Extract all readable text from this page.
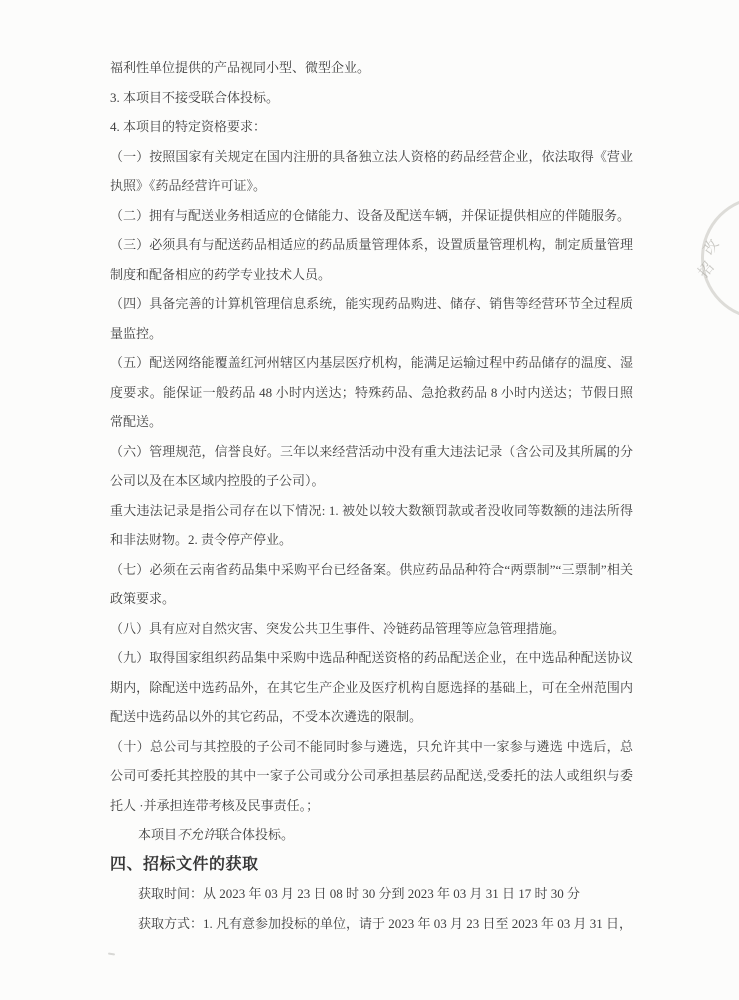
福利性单位提供的产品视同小型、微型企业。

3. 本项目不接受联合体投标。

4. 本项目的特定资格要求：

（一）按照国家有关规定在国内注册的具备独立法人资格的药品经营企业，依法取得《营业执照》《药品经营许可证》。

（二）拥有与配送业务相适应的仓储能力、设备及配送车辆，并保证提供相应的伴随服务。

（三）必须具有与配送药品相适应的药品质量管理体系，设置质量管理机构，制定质量管理制度和配备相应的药学专业技术人员。

（四）具备完善的计算机管理信息系统，能实现药品购进、储存、销售等经营环节全过程质量监控。

（五）配送网络能覆盖红河州辖区内基层医疗机构，能满足运输过程中药品储存的温度、湿度要求。能保证一般药品 48 小时内送达；特殊药品、急抢救药品 8 小时内送达；节假日照常配送。

（六）管理规范，信誉良好。三年以来经营活动中没有重大违法记录（含公司及其所属的分公司以及在本区域内控股的子公司）。

重大违法记录是指公司存在以下情况: 1. 被处以较大数额罚款或者没收同等数额的违法所得和非法财物。2. 责令停产停业。

（七）必须在云南省药品集中采购平台已经备案。供应药品品种符合“两票制”“三票制”相关政策要求。

（八）具有应对自然灾害、突发公共卫生事件、冷链药品管理等应急管理措施。

（九）取得国家组织药品集中采购中选品种配送资格的药品配送企业，在中选品种配送协议期内，除配送中选药品外，在其它生产企业及医疗机构自愿选择的基础上，可在全州范围内配送中选药品以外的其它药品，不受本次遴选的限制。

（十）总公司与其控股的子公司不能同时参与遴选，只允许其中一家参与遴选 中选后，总公司可委托其控股的其中一家子公司或分公司承担基层药品配送,受委托的法人或组织与委托人 ·并承担连带考核及民事责任。；

本项目不允许联合体投标。

四、招标文件的获取

获取时间：从 2023 年 03 月 23 日 08 时 30 分到 2023 年 03 月 31 日 17 时 30 分

获取方式：1. 凡有意参加投标的单位，请于 2023 年 03 月 23 日至 2023 年 03 月 31 日，

改
招
